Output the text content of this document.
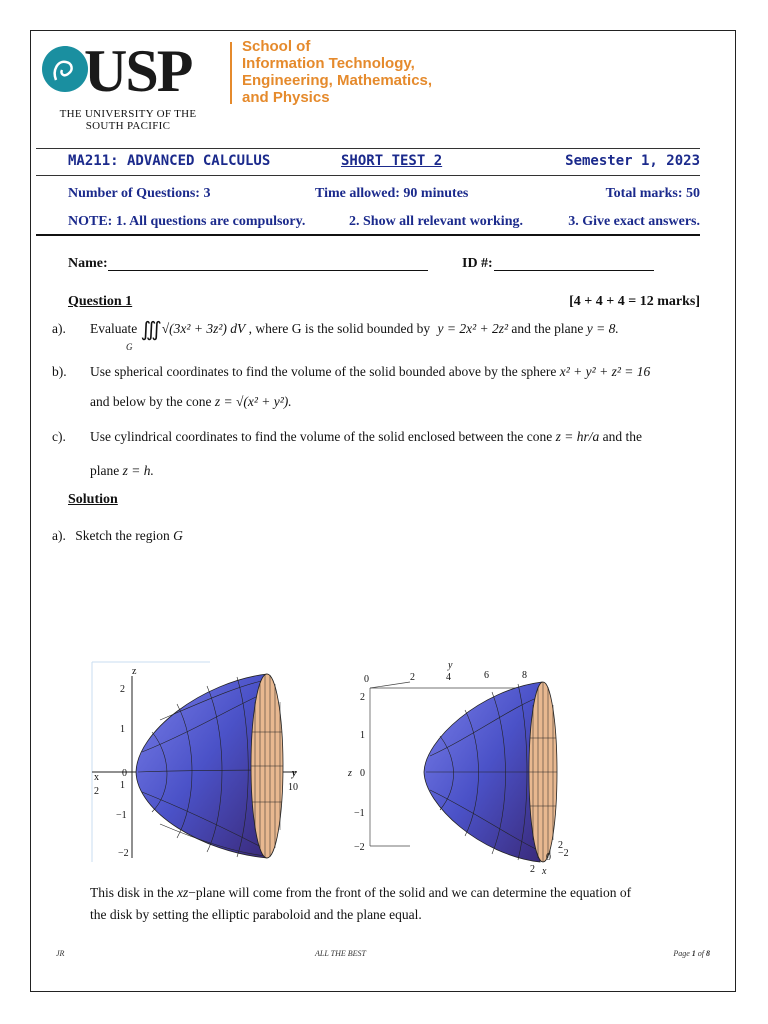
USP
THE UNIVERSITY OF THE SOUTH PACIFIC
School of
Information Technology,
Engineering, Mathematics,
and Physics
MA211: ADVANCED CALCULUS	SHORT TEST 2	Semester 1, 2023
Number of Questions: 3	Time allowed: 90 minutes	Total marks: 50
NOTE: 1. All questions are compulsory.	2. Show all relevant working.	3. Give exact answers.
Name:	ID #:
Question 1	[4 + 4 + 4 = 12 marks]
a). Evaluate ∭√(3x² + 3z²) dV , where G is the solid bounded by y = 2x² + 2z² and the plane y = 8.
G
b). Use spherical coordinates to find the volume of the solid bounded above by the sphere x² + y² + z² = 16
and below by the cone z = √(x² + y²).
c). Use cylindrical coordinates to find the volume of the solid enclosed between the cone z = hr/a and the
plane z = h.
Solution
a). Sketch the region G
z
2
1
0
−1
−2
x
2
1
y
10
y
0	2	4	6	8
2
1
0
−1
−2
z
2
0 −2
2 x
This disk in the xz−plane will come from the front of the solid and we can determine the equation of
the disk by setting the elliptic paraboloid and the plane equal.
JR	ALL THE BEST	Page 1 of 8
